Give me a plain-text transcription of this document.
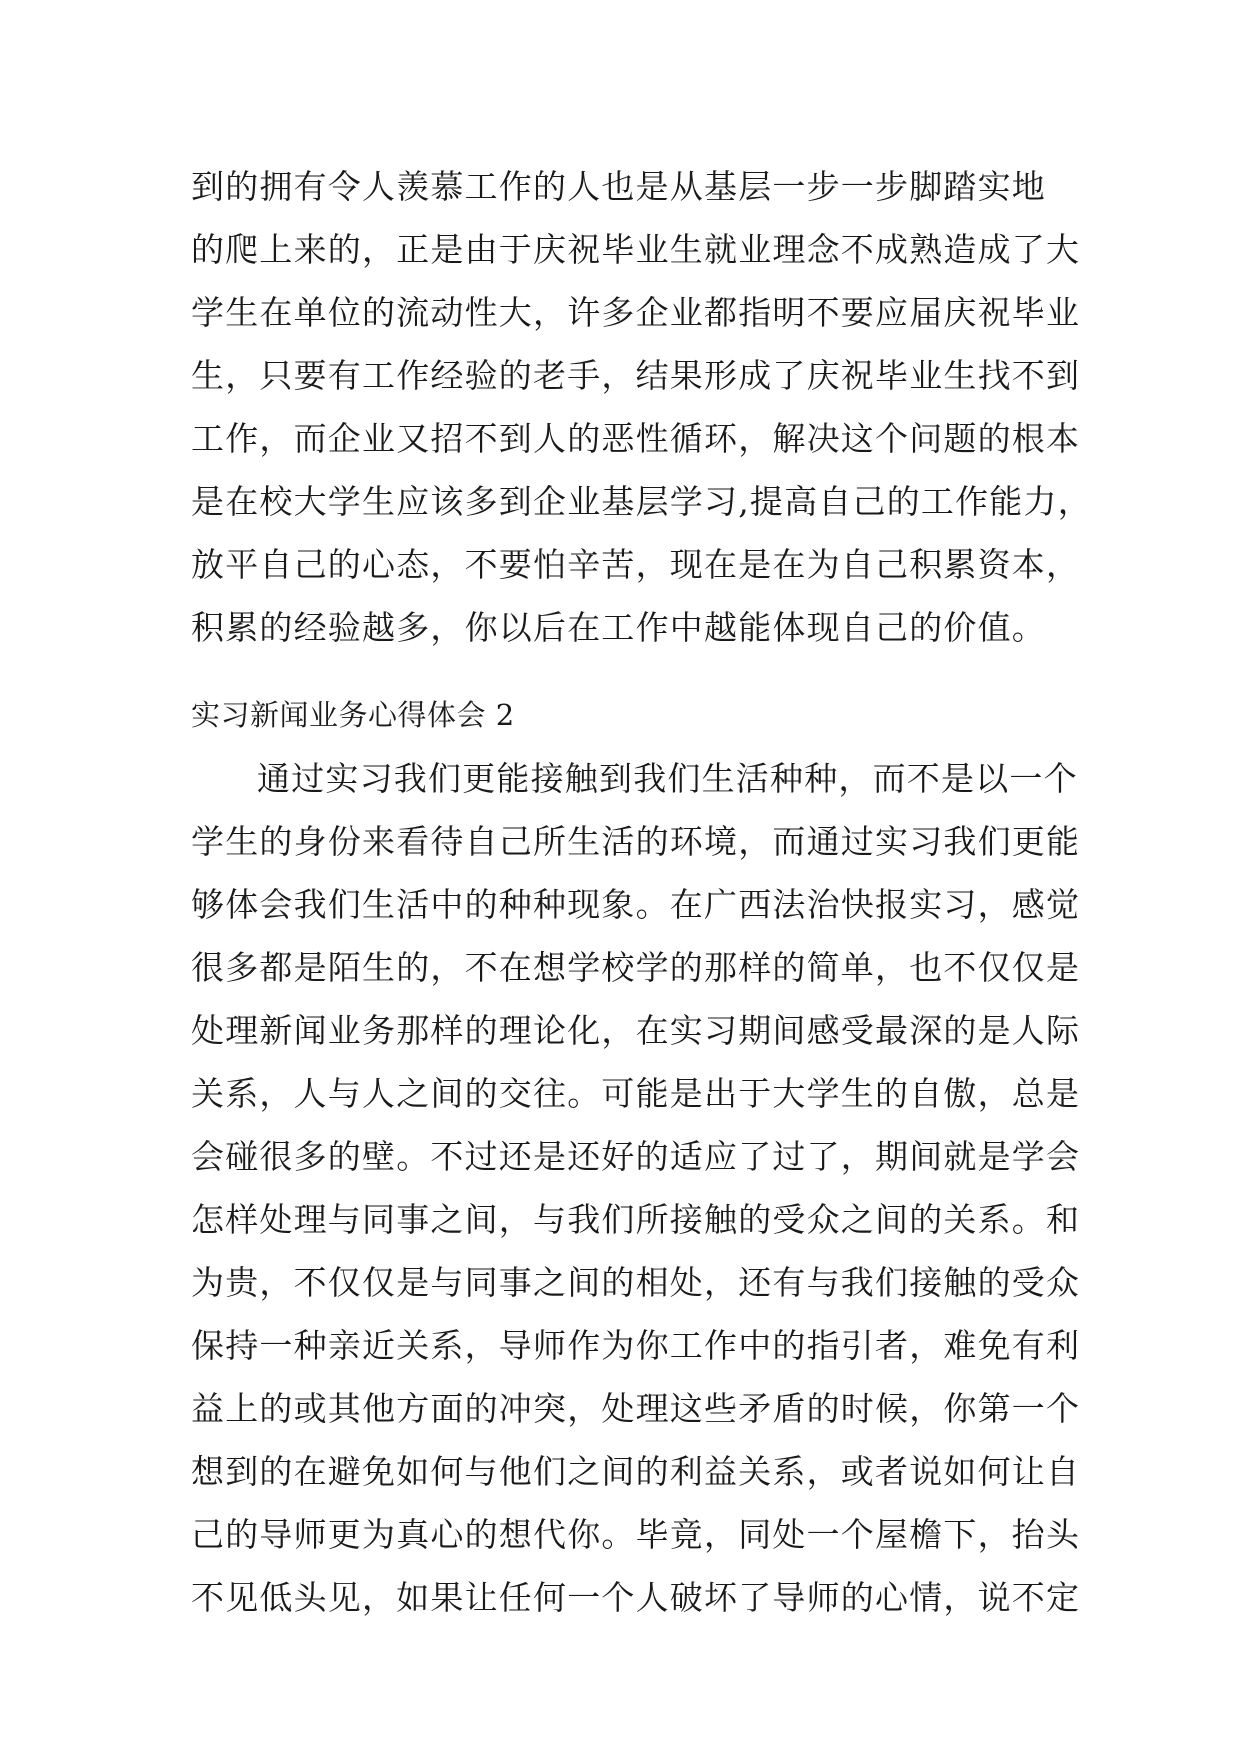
到的拥有令人羡慕工作的人也是从基层一步一步脚踏实地
的爬上来的，正是由于庆祝毕业生就业理念不成熟造成了大
学生在单位的流动性大，许多企业都指明不要应届庆祝毕业
生，只要有工作经验的老手，结果形成了庆祝毕业生找不到
工作，而企业又招不到人的恶性循环，解决这个问题的根本
是在校大学生应该多到企业基层学习,提高自己的工作能力，
放平自己的心态，不要怕辛苦，现在是在为自己积累资本，
积累的经验越多，你以后在工作中越能体现自己的价值。
实习新闻业务心得体会 2
通过实习我们更能接触到我们生活种种，而不是以一个
学生的身份来看待自己所生活的环境，而通过实习我们更能
够体会我们生活中的种种现象。在广西法治快报实习，感觉
很多都是陌生的，不在想学校学的那样的简单，也不仅仅是
处理新闻业务那样的理论化，在实习期间感受最深的是人际
关系，人与人之间的交往。可能是出于大学生的自傲，总是
会碰很多的壁。不过还是还好的适应了过了，期间就是学会
怎样处理与同事之间，与我们所接触的受众之间的关系。和
为贵，不仅仅是与同事之间的相处，还有与我们接触的受众
保持一种亲近关系，导师作为你工作中的指引者，难免有利
益上的或其他方面的冲突，处理这些矛盾的时候，你第一个
想到的在避免如何与他们之间的利益关系，或者说如何让自
己的导师更为真心的想代你。毕竟，同处一个屋檐下，抬头
不见低头见，如果让任何一个人破坏了导师的心情，说不定
